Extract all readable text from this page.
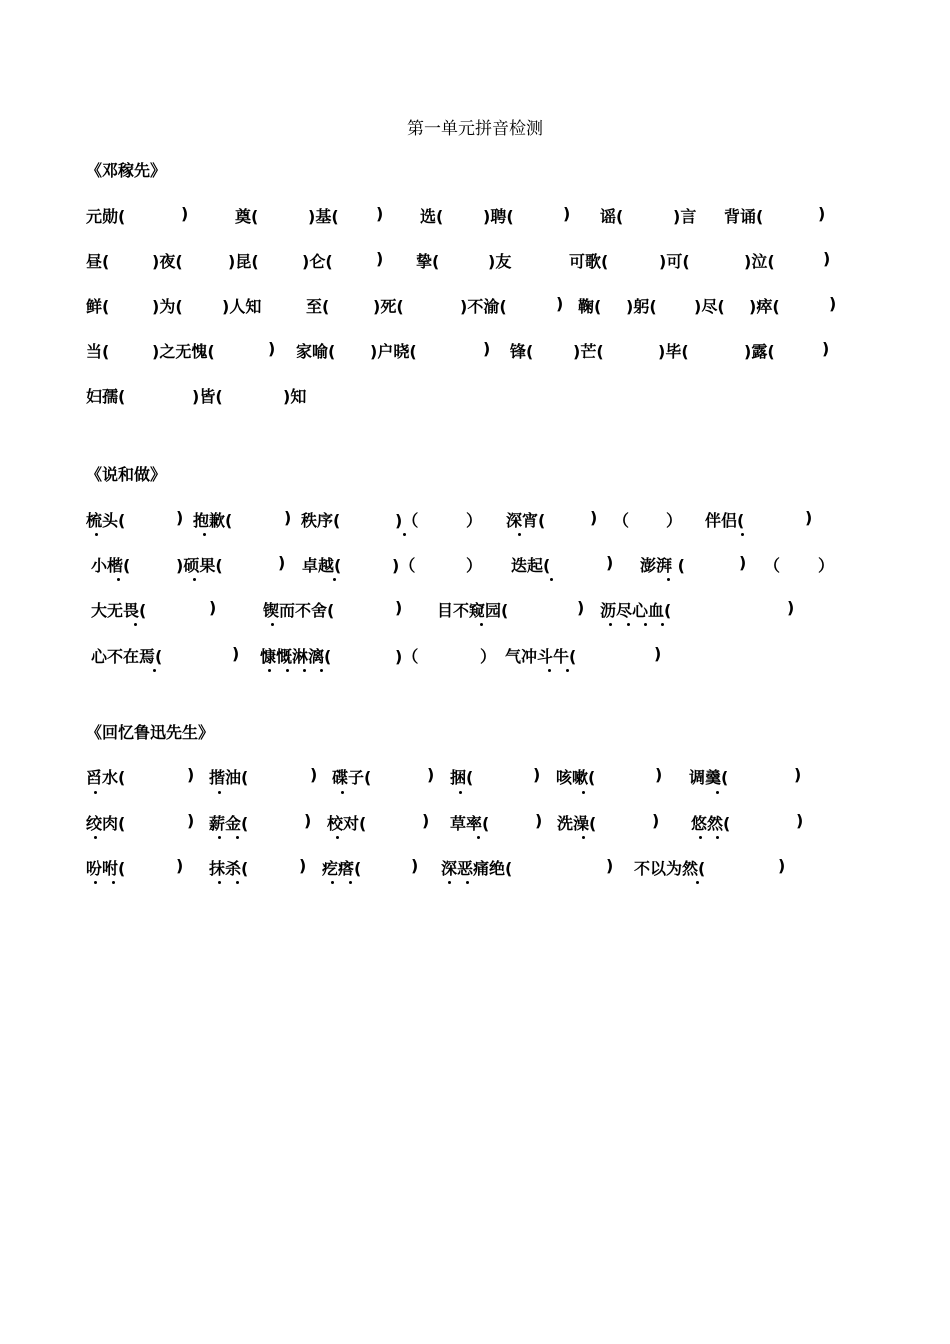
第一单元拼音检测
《邓稼先》
元勋(	)	奠(	)基( ) 选( )聘(	) 谣(	)言 背诵(	)
昼(	)夜(	)昆(	)仑(	) 挚(	)友	可歌(	)可(	)泣(	)
鲜(	)为( )人知	至(	)死(	)不渝(	) 鞠( )躬( )尽( )瘁(	)
当(	)之无愧(	) 家喻( )户晓(	) 锋( )芒(	)毕(	)露(	)
妇孺(	)皆(	)知
《说和做》
梳头(	) 抱歉(	) 秩序(	)（	） 深宵(	) （ ） 伴侣(	)
小楷(	)硕果(	) 卓越(	)（	） 迭起(	) 澎湃 (	) （ ）
大无畏(	)	锲而不舍(	) 目不窥园(	) 沥尽心血(	)
心不在焉(	) 慷慨淋漓(	)（	） 气冲斗牛(	)
《回忆鲁迅先生》
舀水(	) 揩油(	) 碟子(	) 捆(	) 咳嗽(	) 调羹(	)
绞肉(	) 薪金(	) 校对(	) 草率(	) 洗澡(	) 悠然(	)
吩咐(	) 抹杀(	) 疙瘩(	) 深恶痛绝(	) 不以为然(	)
